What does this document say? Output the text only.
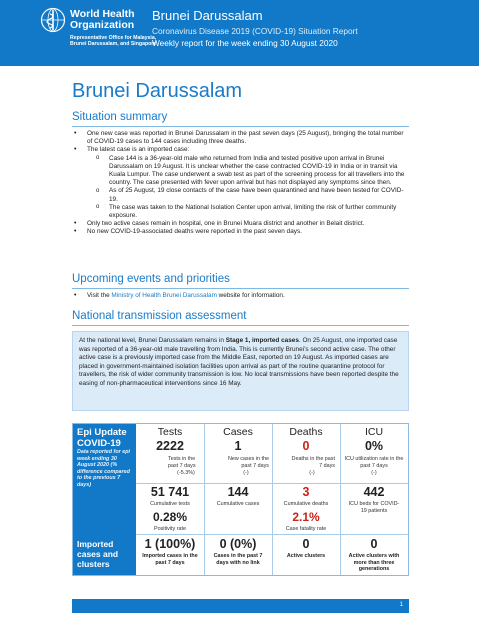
World Health Organization
Representative Office for Malaysia, Brunei Darussalam, and Singapore
Brunei Darussalam
Coronavirus Disease 2019 (COVID-19) Situation Report
Weekly report for the week ending 30 August 2020
Brunei Darussalam
Situation summary
• One new case was reported in Brunei Darussalam in the past seven days (25 August), bringing the total number of COVID-19 cases to 144 cases including three deaths.
• The latest case is an imported case:
o Case 144 is a 36-year-old male who returned from India and tested positive upon arrival in Brunei Darussalam on 19 August. It is unclear whether the case contracted COVID-19 in India or in transit via Kuala Lumpur. The case underwent a swab test as part of the screening process for all travellers into the country. The case presented with fever upon arrival but has not displayed any symptoms since then.
o As of 25 August, 19 close contacts of the case have been quarantined and have been tested for COVID-19.
o The case was taken to the National Isolation Center upon arrival, limiting the risk of further community exposure.
• Only two active cases remain in hospital, one in Brunei Muara district and another in Belait district.
• No new COVID-19-associated deaths were reported in the past seven days.
Upcoming events and priorities
• Visit the Ministry of Health Brunei Darussalam website for information.
National transmission assessment
At the national level, Brunei Darussalam remains in Stage 1, imported cases. On 25 August, one imported case was reported of a 36-year-old male travelling from India. This is currently Brunei’s second active case. The other active case is a previously imported case from the Middle East, reported on 19 August. As imported cases are placed in government-maintained isolation facilities upon arrival as part of the routine quarantine protocol for travellers, the risk of wider community transmission is low. No local transmissions have been reported despite the easing of non-pharmaceutical interventions since 16 May.
Epi Update
COVID-19
Data reported for epi week ending 30 August 2020 (% difference compared to the previous 7 days)
Imported cases and clusters
Tests
2222
Tests in the past 7 days
(-5.3%)
51 741
Cumulative tests
0.28%
Positivity rate
1 (100%)
Imported cases in the past 7 days
Cases
1
New cases in the past 7 days
(-)
144
Cumulative cases
0 (0%)
Cases in the past 7 days with no link
Deaths
0
Deaths in the past 7 days
(-)
3
Cumulative deaths
2.1%
Case fatality rate
0
Active clusters
ICU
0%
ICU utilization rate in the past 7 days
(-)
442
ICU beds for COVID-19 patients
0
Active clusters with more than three generations
1
